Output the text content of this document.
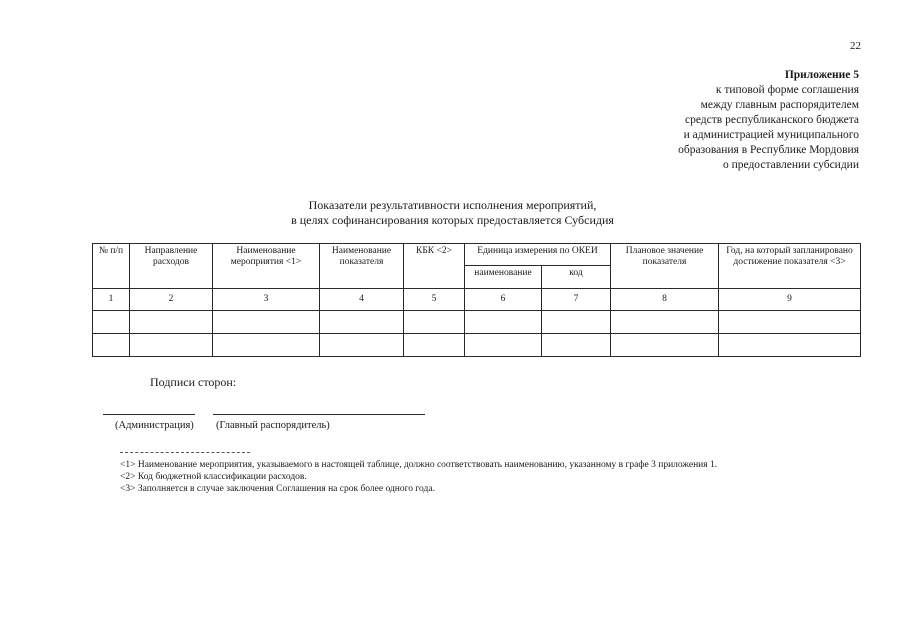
22
Приложение 5
к типовой форме соглашения
между главным распорядителем
средств республиканского бюджета
и администрацией муниципального
образования в Республике Мордовия
о предоставлении субсидии
Показатели результативности исполнения мероприятий,
в целях софинансирования которых предоставляется Субсидия
№ п/п	Направление расходов	Наименование мероприятия <1>	Наименование показателя	КБК <2>	Единица измерения по ОКЕИ		Плановое значение показателя	Год, на который запланировано достижение показателя <3>
					наименование	код		
1	2	3	4	5	6	7	8	9

Подписи сторон:
(Администрация) (Главный распорядитель)
<1> Наименование мероприятия, указываемого в настоящей таблице, должно соответствовать наименованию, указанному в графе 3 приложения 1.
<2> Код бюджетной классификации расходов.
<3> Заполняется в случае заключения Соглашения на срок более одного года.
